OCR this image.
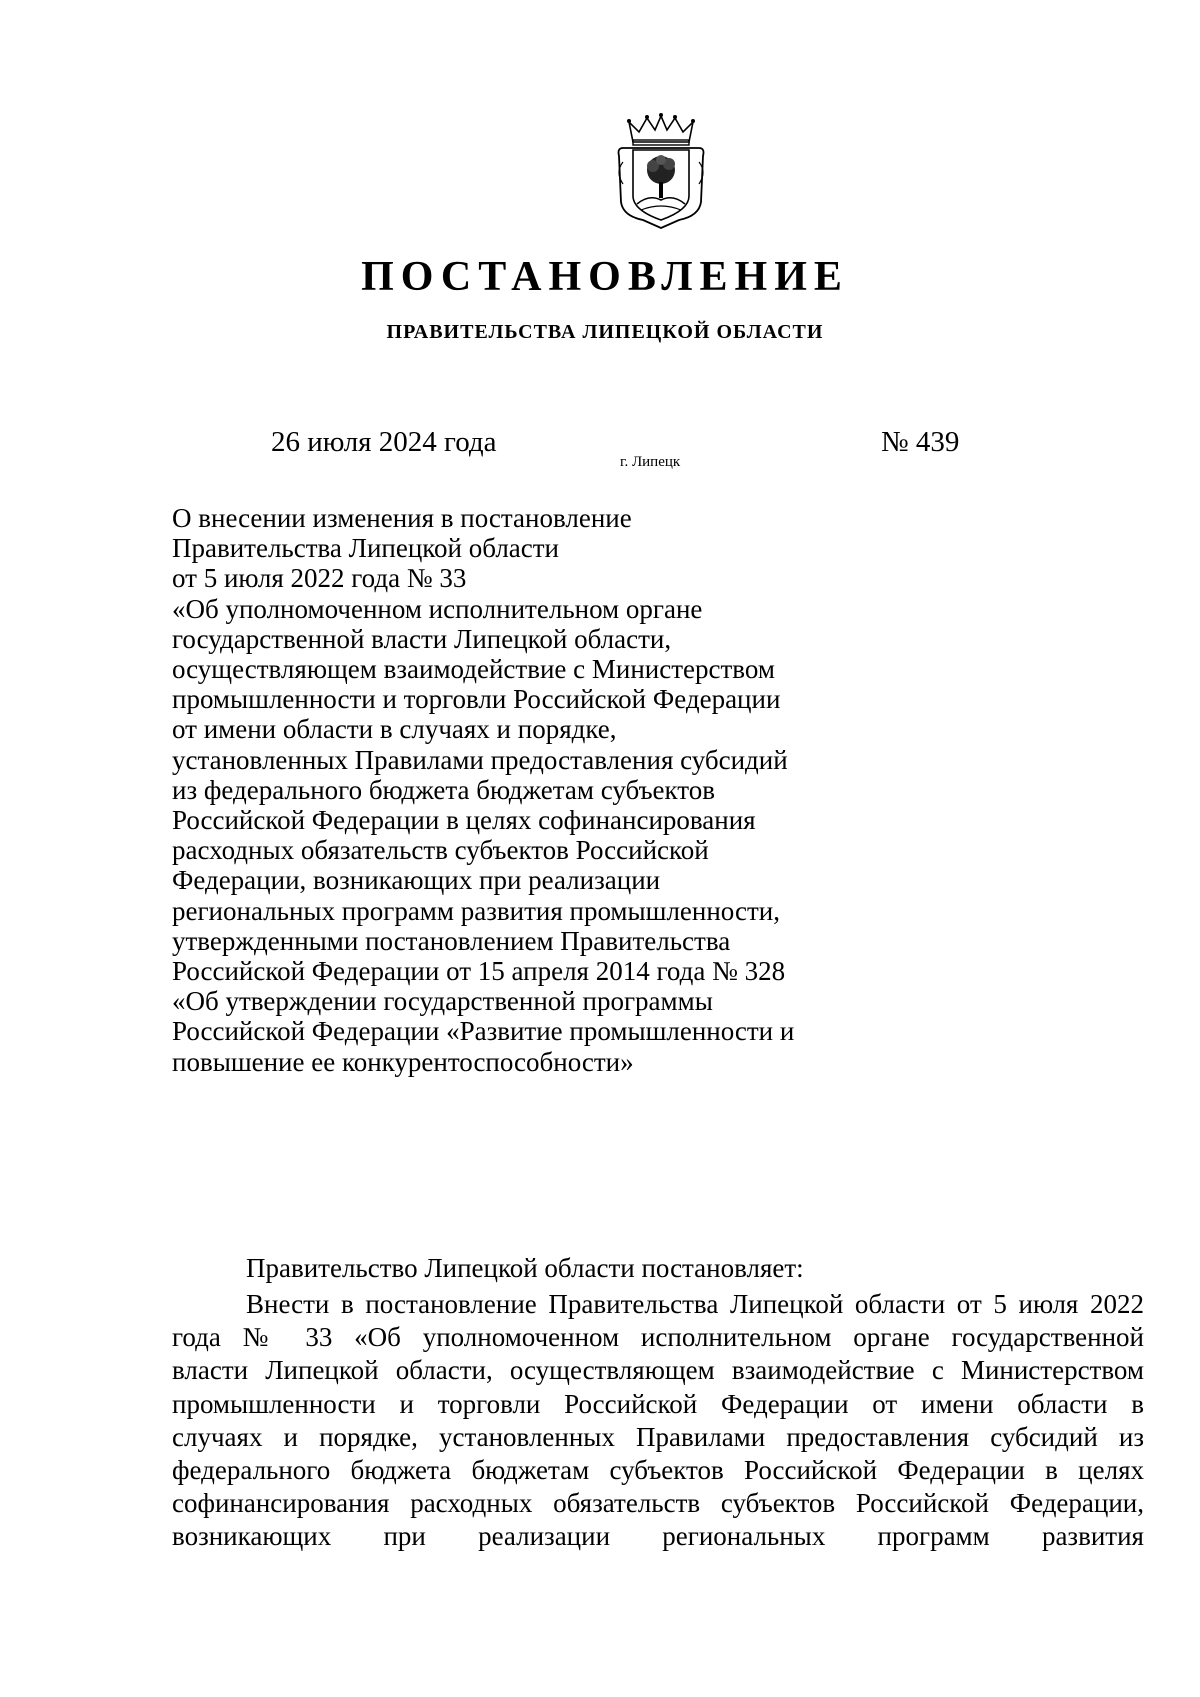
ПОСТАНОВЛЕНИЕ
ПРАВИТЕЛЬСТВА ЛИПЕЦКОЙ ОБЛАСТИ
26 июля 2024 года
г. Липецк
№ 439
О внесении изменения в постановление
Правительства Липецкой области
от 5 июля 2022 года № 33
«Об уполномоченном исполнительном органе
государственной власти Липецкой области,
осуществляющем взаимодействие с Министерством
промышленности и торговли Российской Федерации
от имени области в случаях и порядке,
установленных Правилами предоставления субсидий
из федерального бюджета бюджетам субъектов
Российской Федерации в целях софинансирования
расходных обязательств субъектов Российской
Федерации, возникающих при реализации
региональных программ развития промышленности,
утвержденными постановлением Правительства
Российской Федерации от 15 апреля 2014 года № 328
«Об утверждении государственной программы
Российской Федерации «Развитие промышленности и
повышение ее конкурентоспособности»
Правительство Липецкой области постановляет:
Внести в постановление Правительства Липецкой области от 5 июля 2022
года № 33 «Об уполномоченном исполнительном органе государственной
власти Липецкой области, осуществляющем взаимодействие с Министерством
промышленности и торговли Российской Федерации от имени области в
случаях и порядке, установленных Правилами предоставления субсидий из
федерального бюджета бюджетам субъектов Российской Федерации в целях
софинансирования расходных обязательств субъектов Российской Федерации,
возникающих при реализации региональных программ развития
